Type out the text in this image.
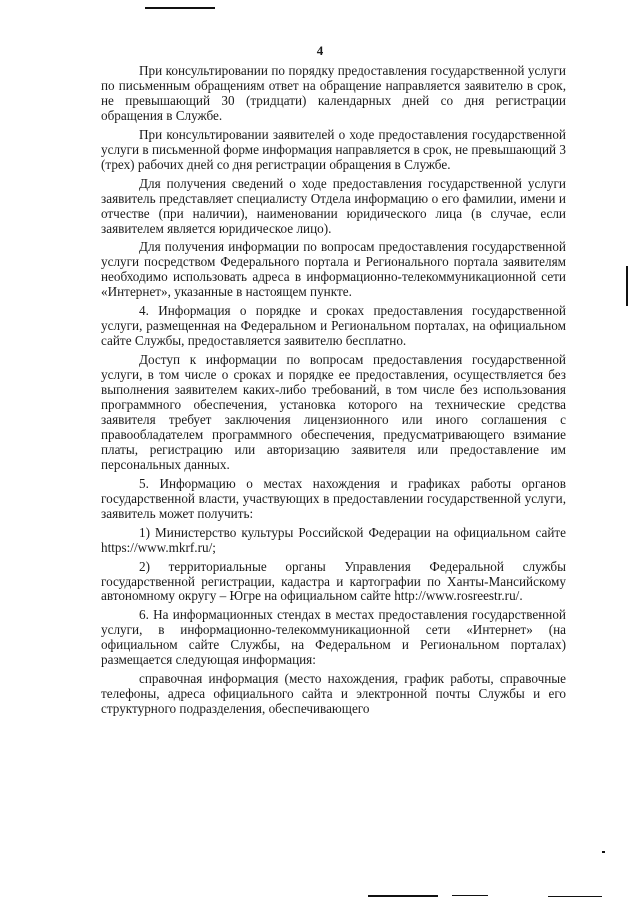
4

При консультировании по порядку предоставления государственной услуги по письменным обращениям ответ на обращение направляется заявителю в срок, не превышающий 30 (тридцати) календарных дней со дня регистрации обращения в Службе.

При консультировании заявителей о ходе предоставления государственной услуги в письменной форме информация направляется в срок, не превышающий 3 (трех) рабочих дней со дня регистрации обращения в Службе.

Для получения сведений о ходе предоставления государственной услуги заявитель представляет специалисту Отдела информацию о его фамилии, имени и отчестве (при наличии), наименовании юридического лица (в случае, если заявителем является юридическое лицо).

Для получения информации по вопросам предоставления государственной услуги посредством Федерального портала и Регионального портала заявителям необходимо использовать адреса в информационно-телекоммуникационной сети «Интернет», указанные в настоящем пункте.

4. Информация о порядке и сроках предоставления государственной услуги, размещенная на Федеральном и Региональном порталах, на официальном сайте Службы, предоставляется заявителю бесплатно.

Доступ к информации по вопросам предоставления государственной услуги, в том числе о сроках и порядке ее предоставления, осуществляется без выполнения заявителем каких-либо требований, в том числе без использования программного обеспечения, установка которого на технические средства заявителя требует заключения лицензионного или иного соглашения с правообладателем программного обеспечения, предусматривающего взимание платы, регистрацию или авторизацию заявителя или предоставление им персональных данных.

5. Информацию о местах нахождения и графиках работы органов государственной власти, участвующих в предоставлении государственной услуги, заявитель может получить:

1) Министерство культуры Российской Федерации на официальном сайте https://www.mkrf.ru/;

2) территориальные органы Управления Федеральной службы государственной регистрации, кадастра и картографии по Ханты-Мансийскому автономному округу – Югре на официальном сайте http://www.rosreestr.ru/.

6. На информационных стендах в местах предоставления государственной услуги, в информационно-телекоммуникационной сети «Интернет» (на официальном сайте Службы, на Федеральном и Региональном порталах) размещается следующая информация:

справочная информация (место нахождения, график работы, справочные телефоны, адреса официального сайта и электронной почты Службы и его структурного подразделения, обеспечивающего
